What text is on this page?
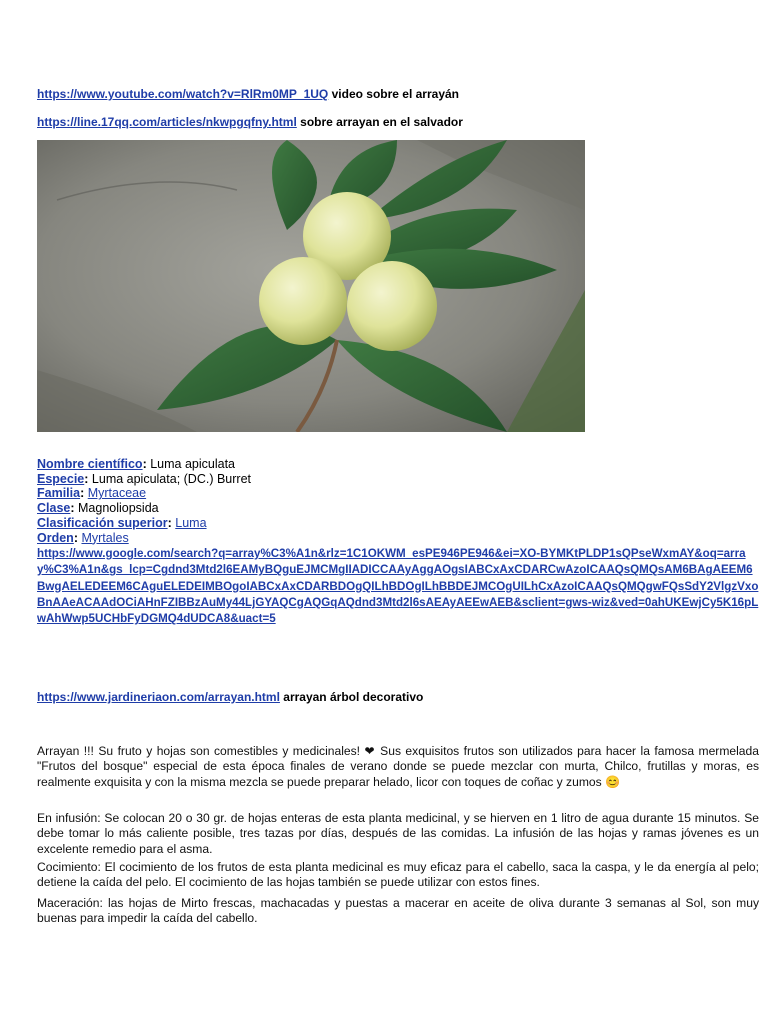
https://www.youtube.com/watch?v=RlRm0MP_1UQ video sobre el arrayán
https://line.17qq.com/articles/nkwpgqfny.html sobre arrayan en el salvador
Nombre científico: Luma apiculata
Especie: Luma apiculata; (DC.) Burret
Familia: Myrtaceae
Clase: Magnoliopsida
Clasificación superior: Luma
Orden: Myrtales
https://www.google.com/search?q=array%C3%A1n&rlz=1C1OKWM_esPE946PE946&ei=XO-BYMKtPLDP1sQPseWxmAY&oq=array%C3%A1n&gs_lcp=Cgdnd3Mtd2l6EAMyBQguEJMCMgIIADICCAAyAggAOgsIABCxAxCDARCwAzoICAAQsQMQsAM6BAgAEEM6BwgAELEDEEM6CAguELEDEIMBOgoIABCxAxCDARBDOgQILhBDOgILhBBDEJMCOgUILhCxAzoICAAQsQMQgwFQsSdY2VlgzVxoBnAAeACAAdOCiAHnFZIBBzAuMy44LjGYAQCgAQGqAQdnd3Mtd2l6sAEAyAEEwAEB&sclient=gws-wiz&ved=0ahUKEwjCy5K16pLwAhWwp5UCHbFyDGMQ4dUDCA8&uact=5
https://www.jardineriaon.com/arrayan.html arrayan árbol decorativo
Arrayan !!! Su fruto y hojas son comestibles y medicinales! ❤ Sus exquisitos frutos son utilizados para hacer la famosa mermelada "Frutos del bosque" especial de esta época finales de verano donde se puede mezclar con murta, Chilco, frutillas y moras, es realmente exquisita y con la misma mezcla se puede preparar helado, licor con toques de coñac y zumos 😊
En infusión: Se colocan 20 o 30 gr. de hojas enteras de esta planta medicinal, y se hierven en 1 litro de agua durante 15 minutos. Se debe tomar lo más caliente posible, tres tazas por días, después de las comidas. La infusión de las hojas y ramas jóvenes es un excelente remedio para el asma.
Cocimiento: El cocimiento de los frutos de esta planta medicinal es muy eficaz para el cabello, saca la caspa, y le da energía al pelo; detiene la caída del pelo. El cocimiento de las hojas también se puede utilizar con estos fines.
Maceración: las hojas de Mirto frescas, machacadas y puestas a macerar en aceite de oliva durante 3 semanas al Sol, son muy buenas para impedir la caída del cabello.
